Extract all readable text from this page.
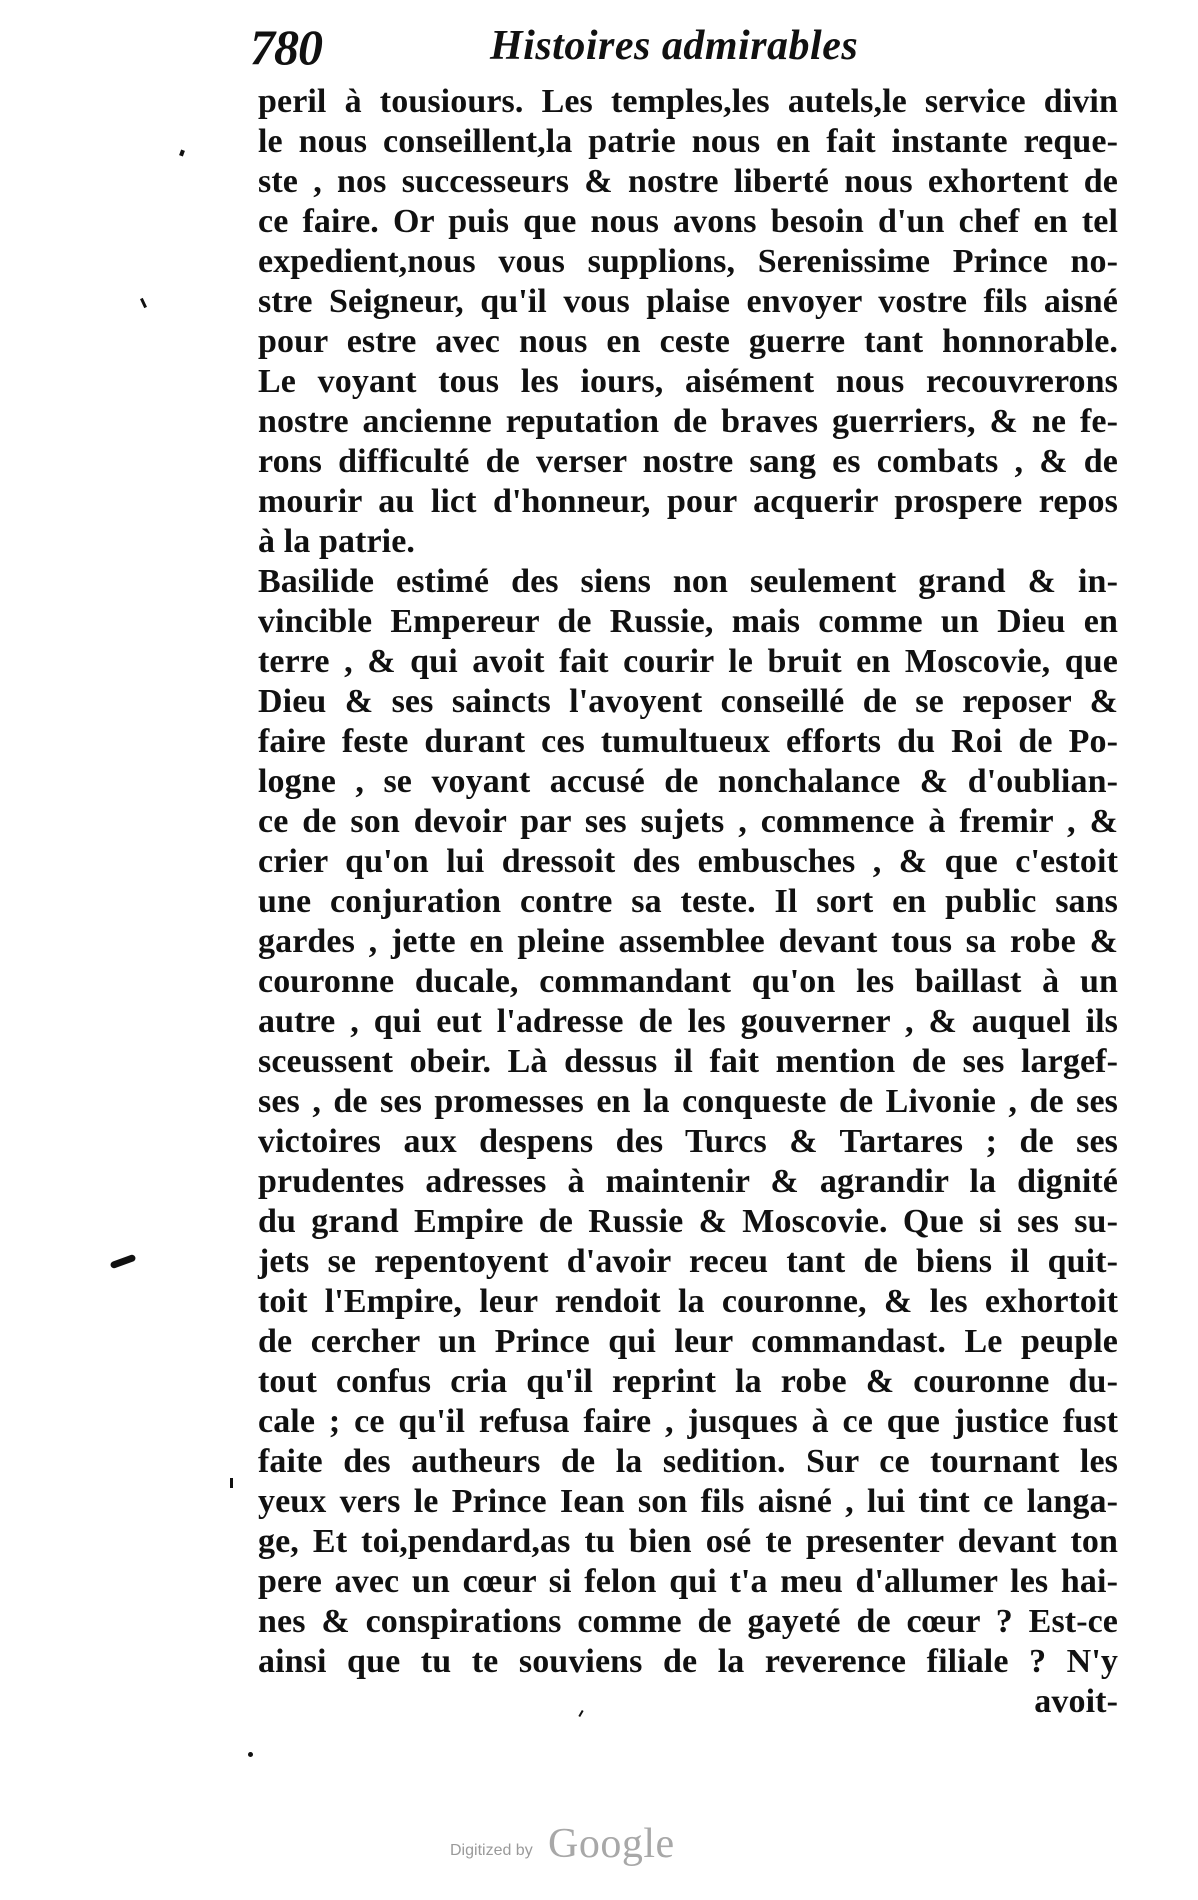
780	Histoires admirables
peril à tousiours. Les temples,les autels,le service divin
le nous conseillent,la patrie nous en fait instante reque-
ste , nos successeurs & nostre liberté nous exhortent de
ce faire. Or puis que nous avons besoin d'un chef en tel
expedient,nous vous supplions, Serenissime Prince no-
stre Seigneur, qu'il vous plaise envoyer vostre fils aisné
pour estre avec nous en ceste guerre tant honnorable.
Le voyant tous les iours, aisément nous recouvrerons
nostre ancienne reputation de braves guerriers, & ne fe-
rons difficulté de verser nostre sang es combats , & de
mourir au lict d'honneur, pour acquerir prospere repos
à la patrie.
Basilide estimé des siens non seulement grand & in-
vincible Empereur de Russie, mais comme un Dieu en
terre , & qui avoit fait courir le bruit en Moscovie, que
Dieu & ses saincts l'avoyent conseillé de se reposer &
faire feste durant ces tumultueux efforts du Roi de Po-
logne , se voyant accusé de nonchalance & d'oublian-
ce de son devoir par ses sujets , commence à fremir , &
crier qu'on lui dressoit des embusches , & que c'estoit
une conjuration contre sa teste. Il sort en public sans
gardes , jette en pleine assemblee devant tous sa robe &
couronne ducale, commandant qu'on les baillast à un
autre , qui eut l'adresse de les gouverner , & auquel ils
sceussent obeir. Là dessus il fait mention de ses largef-
ses , de ses promesses en la conqueste de Livonie , de ses
victoires aux despens des Turcs & Tartares ; de ses
prudentes adresses à maintenir & agrandir la dignité
du grand Empire de Russie & Moscovie. Que si ses su-
jets se repentoyent d'avoir receu tant de biens il quit-
toit l'Empire, leur rendoit la couronne, & les exhortoit
de cercher un Prince qui leur commandast. Le peuple
tout confus cria qu'il reprint la robe & couronne du-
cale ; ce qu'il refusa faire , jusques à ce que justice fust
faite des autheurs de la sedition. Sur ce tournant les
yeux vers le Prince Iean son fils aisné , lui tint ce langa-
ge, Et toi,pendard,as tu bien osé te presenter devant ton
pere avec un cœur si felon qui t'a meu d'allumer les hai-
nes & conspirations comme de gayeté de cœur ? Est-ce
ainsi que tu te souviens de la reverence filiale ? N'y
avoit-
Digitized by Google
